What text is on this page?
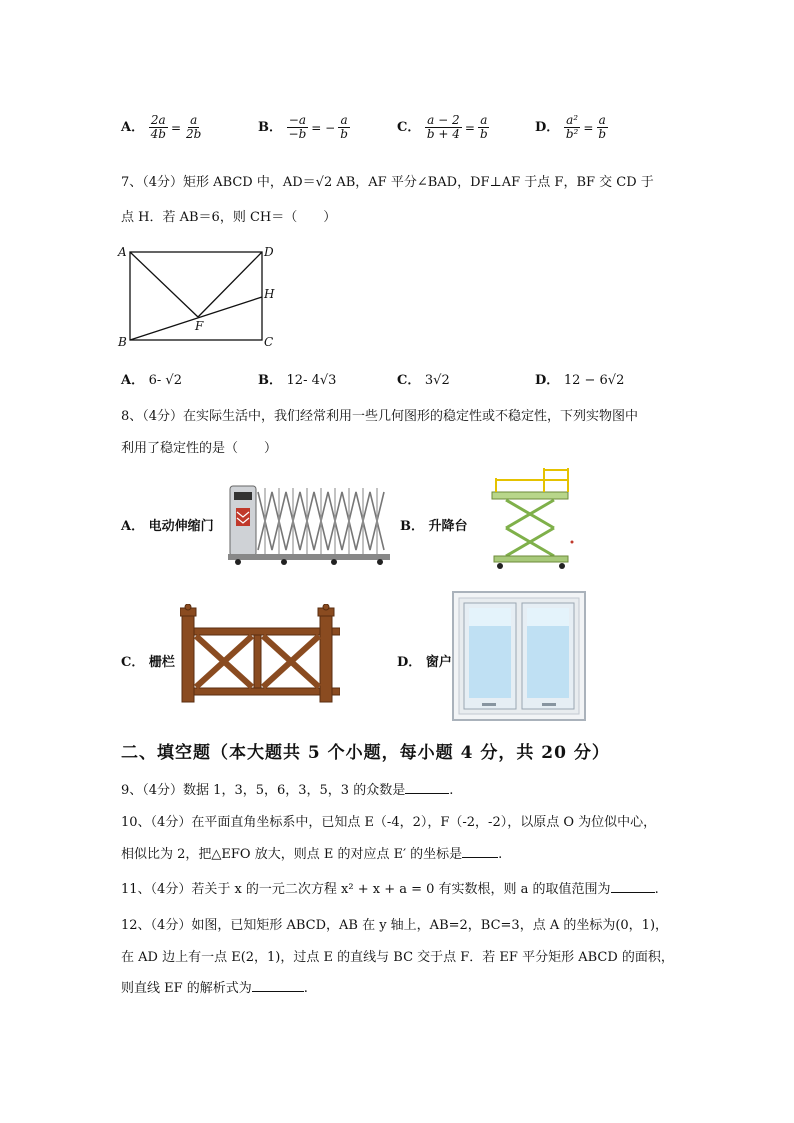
A． $\frac{2a}{4b} = \frac{a}{2b}$	B． $\frac{-a}{-b}$ = − $\frac{a}{b}$	C． $\frac{a - 2}{b + 4} = \frac{a}{b}$	D． $\frac{\text{a²}}{\text{b²}} = \frac{a}{b}$
7、（4分）矩形 ABCD 中，AD＝√2 AB，AF 平分∠BAD，DF⊥AF 于点 F，BF 交 CD 于
点 H．若 AB＝6，则 CH＝（　　）
A	D
H
F
B	C
A． 6- √2	B． 12- 4√3	C． 3√2	D． 12 − 6√2
8、（4分）在实际生活中，我们经常利用一些几何图形的稳定性或不稳定性，下列实物图中
利用了稳定性的是（　　）
A． 电动伸缩门	B． 升降台
C． 栅栏	D． 窗户
二、填空题（本大题共 5 个小题，每小题 4 分，共 20 分）
9、（4分）数据 1，3，5，6，3，5，3 的众数是	.
10、（4分）在平面直角坐标系中，已知点 E（-4，2），F（-2，-2），以原点 O 为位似中心，
相似比为 2，把△EFO 放大，则点 E 的对应点 E′ 的坐标是	.
11、（4分）若关于 x 的一元二次方程 x² + x + a = 0 有实数根，则 a 的取值范围为	.
12、（4分）如图，已知矩形 ABCD，AB 在 y 轴上，AB=2，BC=3，点 A 的坐标为(0，1)，
在 AD 边上有一点 E(2，1)，过点 E 的直线与 BC 交于点 F．若 EF 平分矩形 ABCD 的面积，
则直线 EF 的解析式为	.
